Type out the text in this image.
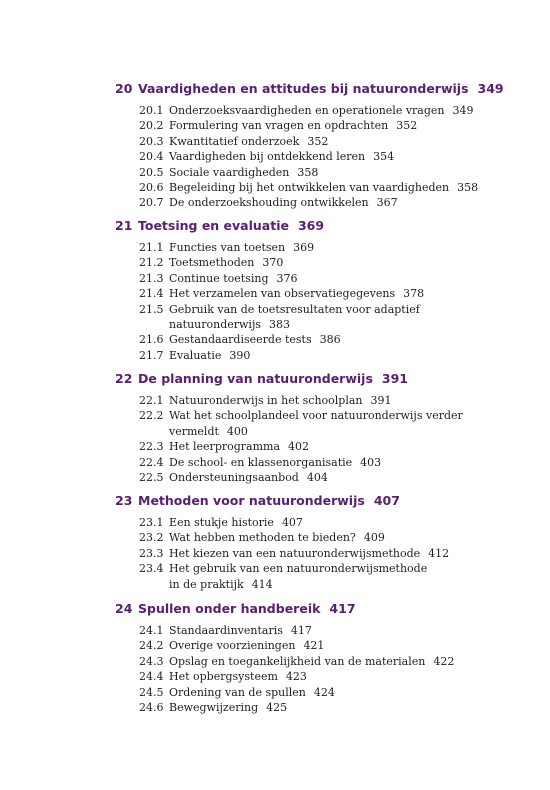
20 Vaardigheden en attitudes bij natuuronderwijs 349
20.1 Onderzoeksvaardigheden en operationele vragen 349
20.2 Formulering van vragen en opdrachten 352
20.3 Kwantitatief onderzoek 352
20.4 Vaardigheden bij ontdekkend leren 354
20.5 Sociale vaardigheden 358
20.6 Begeleiding bij het ontwikkelen van vaardigheden 358
20.7 De onderzoekshouding ontwikkelen 367
21 Toetsing en evaluatie 369
21.1 Functies van toetsen 369
21.2 Toetsmethoden 370
21.3 Continue toetsing 376
21.4 Het verzamelen van observatiegegevens 378
21.5 Gebruik van de toetsresultaten voor adaptief
natuuronderwijs 383
21.6 Gestandaardiseerde tests 386
21.7 Evaluatie 390
22 De planning van natuuronderwijs 391
22.1 Natuuronderwijs in het schoolplan 391
22.2 Wat het schoolplandeel voor natuuronderwijs verder
vermeldt 400
22.3 Het leerprogramma 402
22.4 De school- en klassenorganisatie 403
22.5 Ondersteuningsaanbod 404
23 Methoden voor natuuronderwijs 407
23.1 Een stukje historie 407
23.2 Wat hebben methoden te bieden? 409
23.3 Het kiezen van een natuuronderwijsmethode 412
23.4 Het gebruik van een natuuronderwijsmethode
in de praktijk 414
24 Spullen onder handbereik 417
24.1 Standaardinventaris 417
24.2 Overige voorzieningen 421
24.3 Opslag en toegankelijkheid van de materialen 422
24.4 Het opbergsysteem 423
24.5 Ordening van de spullen 424
24.6 Bewegwijzering 425
